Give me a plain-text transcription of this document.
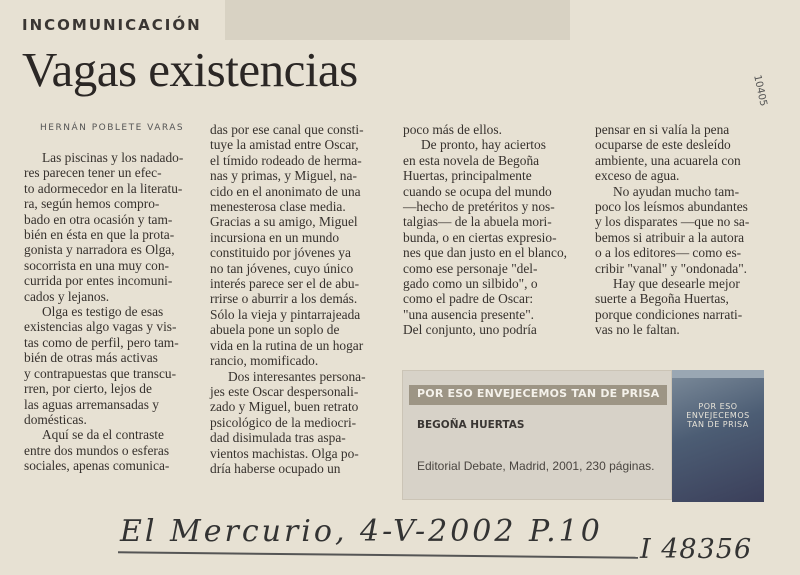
INCOMUNICACIÓN
Vagas existencias
HERNÁN POBLETE VARAS
10405
Las piscinas y los nadado-
res parecen tener un efec-
to adormecedor en la literatu-
ra, según hemos compro-
bado en otra ocasión y tam-
bién en ésta en que la prota-
gonista y narradora es Olga,
socorrista en una muy con-
currida por entes incomuni-
cados y lejanos.
Olga es testigo de esas
existencias algo vagas y vis-
tas como de perfil, pero tam-
bién de otras más activas
y contrapuestas que transcu-
rren, por cierto, lejos de
las aguas arremansadas y
domésticas.
Aquí se da el contraste
entre dos mundos o esferas
sociales, apenas comunica-
das por ese canal que consti-
tuye la amistad entre Oscar,
el tímido rodeado de herma-
nas y primas, y Miguel, na-
cido en el anonimato de una
menesterosa clase media.
Gracias a su amigo, Miguel
incursiona en un mundo
constituido por jóvenes ya
no tan jóvenes, cuyo único
interés parece ser el de abu-
rrirse o aburrir a los demás.
Sólo la vieja y pintarrajeada
abuela pone un soplo de
vida en la rutina de un hogar
rancio, momificado.
Dos interesantes persona-
jes este Oscar despersonali-
zado y Miguel, buen retrato
psicológico de la mediocri-
dad disimulada tras aspa-
vientos machistas. Olga po-
dría haberse ocupado un
poco más de ellos.
De pronto, hay aciertos
en esta novela de Begoña
Huertas, principalmente
cuando se ocupa del mundo
—hecho de pretéritos y nos-
talgias— de la abuela mori-
bunda, o en ciertas expresio-
nes que dan justo en el blanco,
como ese personaje "del-
gado como un silbido", o
como el padre de Oscar:
"una ausencia presente".
Del conjunto, uno podría
pensar en si valía la pena
ocuparse de este desleído
ambiente, una acuarela con
exceso de agua.
No ayudan mucho tam-
poco los leísmos abundantes
y los disparates —que no sa-
bemos si atribuir a la autora
o a los editores— como es-
cribir "vanal" y "ondonada".
Hay que desearle mejor
suerte a Begoña Huertas,
porque condiciones narrati-
vas no le faltan.
POR ESO ENVEJECEMOS TAN DE PRISA
BEGOÑA HUERTAS
Editorial Debate, Madrid, 2001, 230 páginas.
POR ESO ENVEJECEMOS TAN DE PRISA
El Mercurio, 4-V-2002 P.10
I 48356
